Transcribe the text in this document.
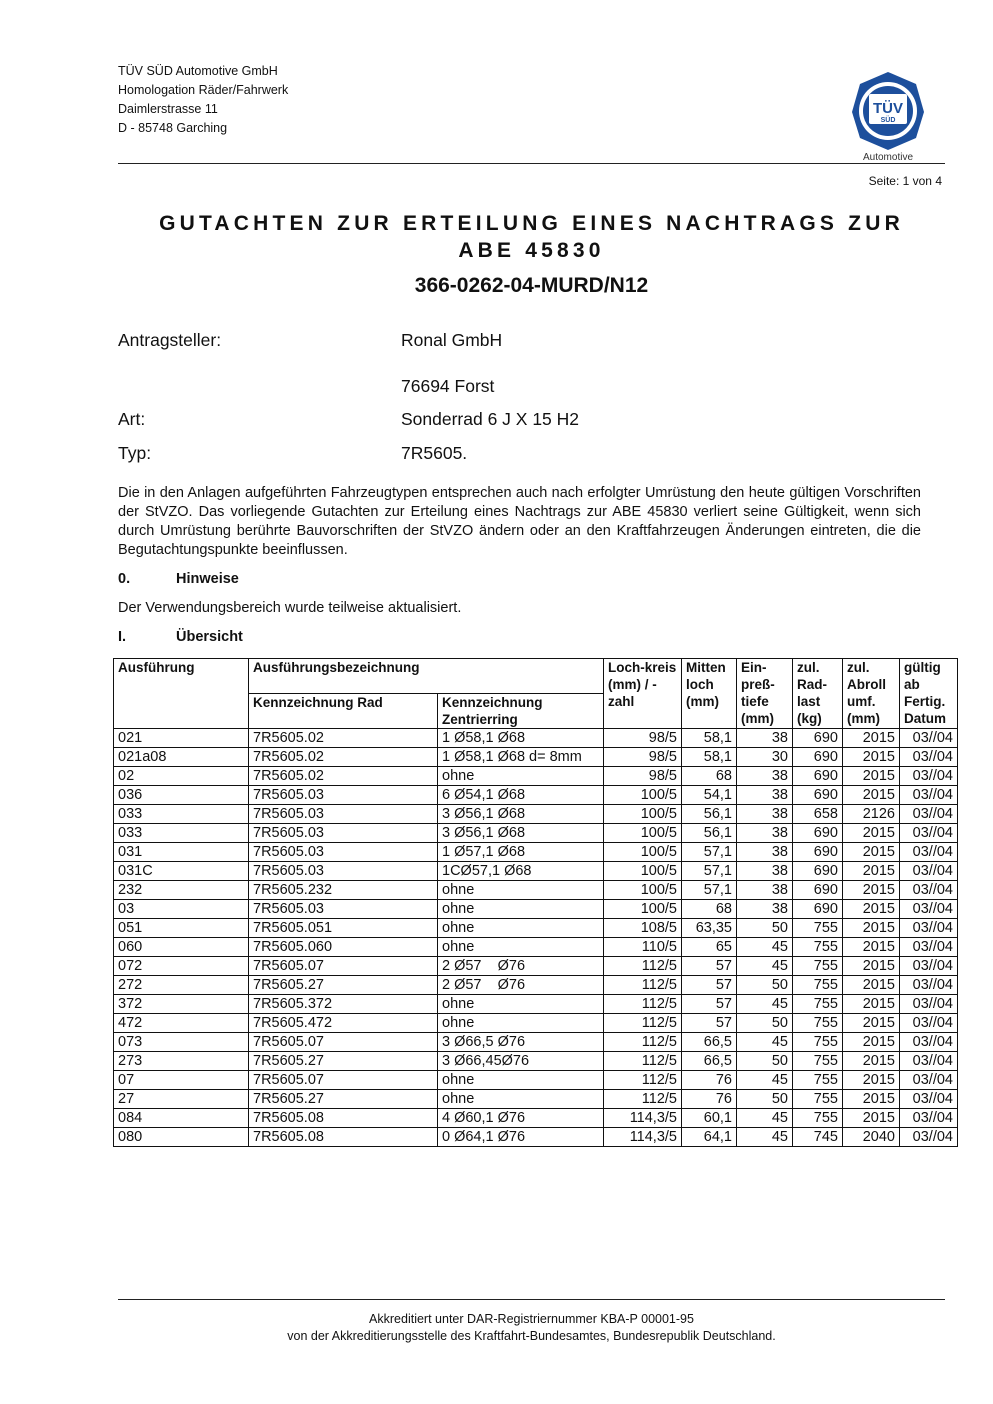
TÜV SÜD Automotive GmbH
Homologation Räder/Fahrwerk
Daimlerstrasse 11
D - 85748 Garching
TÜV
SÜD
Automotive
Seite: 1 von 4
GUTACHTEN ZUR ERTEILUNG EINES NACHTRAGS ZUR
ABE 45830
366-0262-04-MURD/N12
Antragsteller:	Ronal GmbH
76694 Forst
Art:	Sonderrad 6 J X 15 H2
Typ:	7R5605.
Die in den Anlagen aufgeführten Fahrzeugtypen entsprechen auch nach erfolgter Umrüstung den heute gültigen Vorschriften der StVZO. Das vorliegende Gutachten zur Erteilung eines Nachtrags zur ABE 45830 verliert seine Gültigkeit, wenn sich durch Umrüstung berührte Bauvorschriften der StVZO ändern oder an den Kraftfahrzeugen Änderungen eintreten, die die Begutachtungspunkte beeinflussen.
0.	Hinweise
Der Verwendungsbereich wurde teilweise aktualisiert.
I.	Übersicht
Ausführung	Ausführungsbezeichnung		Loch-kreis (mm) / -zahl	Mitten loch (mm)	Ein-preß-tiefe (mm)	zul. Rad-last (kg)	zul. Abroll umf. (mm)	gültig ab Fertig. Datum
	Kennzeichnung Rad	Kennzeichnung Zentrierring						
021	7R5605.02	1 Ø58,1 Ø68	98/5	58,1	38	690	2015	03//04
021a08	7R5605.02	1 Ø58,1 Ø68 d= 8mm	98/5	58,1	30	690	2015	03//04
02	7R5605.02	ohne	98/5	68	38	690	2015	03//04
036	7R5605.03	6 Ø54,1 Ø68	100/5	54,1	38	690	2015	03//04
033	7R5605.03	3 Ø56,1 Ø68	100/5	56,1	38	658	2126	03//04
033	7R5605.03	3 Ø56,1 Ø68	100/5	56,1	38	690	2015	03//04
031	7R5605.03	1 Ø57,1 Ø68	100/5	57,1	38	690	2015	03//04
031C	7R5605.03	1CØ57,1 Ø68	100/5	57,1	38	690	2015	03//04
232	7R5605.232	ohne	100/5	57,1	38	690	2015	03//04
03	7R5605.03	ohne	100/5	68	38	690	2015	03//04
051	7R5605.051	ohne	108/5	63,35	50	755	2015	03//04
060	7R5605.060	ohne	110/5	65	45	755	2015	03//04
072	7R5605.07	2 Ø57    Ø76	112/5	57	45	755	2015	03//04
272	7R5605.27	2 Ø57    Ø76	112/5	57	50	755	2015	03//04
372	7R5605.372	ohne	112/5	57	45	755	2015	03//04
472	7R5605.472	ohne	112/5	57	50	755	2015	03//04
073	7R5605.07	3 Ø66,5 Ø76	112/5	66,5	45	755	2015	03//04
273	7R5605.27	3 Ø66,45Ø76	112/5	66,5	50	755	2015	03//04
07	7R5605.07	ohne	112/5	76	45	755	2015	03//04
27	7R5605.27	ohne	112/5	76	50	755	2015	03//04
084	7R5605.08	4 Ø60,1 Ø76	114,3/5	60,1	45	755	2015	03//04
080	7R5605.08	0 Ø64,1 Ø76	114,3/5	64,1	45	745	2040	03//04
Akkreditiert unter DAR-Registriernummer KBA-P 00001-95
von der Akkreditierungsstelle des Kraftfahrt-Bundesamtes, Bundesrepublik Deutschland.
